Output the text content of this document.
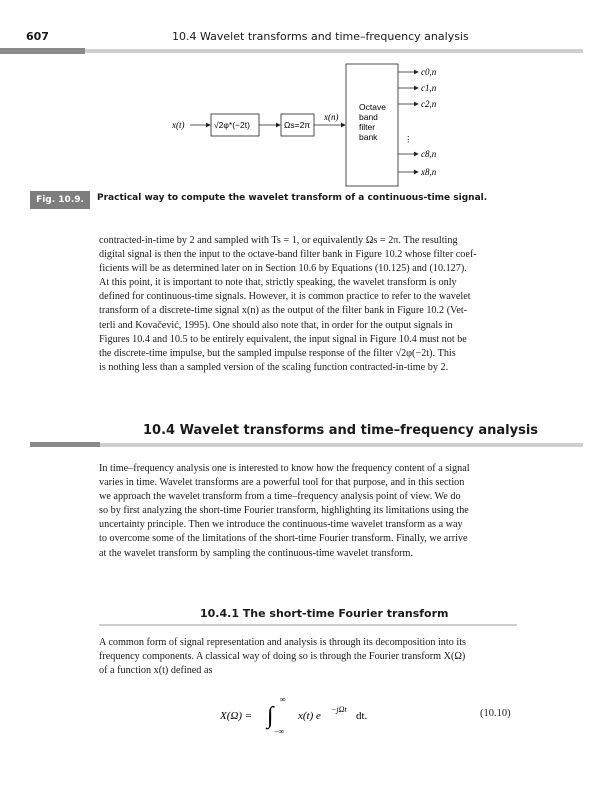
607	10.4 Wavelet transforms and time–frequency analysis
x(t)	√2φ*(−2t)	Ωs=2π
x(n)
Octave
band
filter
bank
c0,n
c1,n
c2,n
⋮
c8,n
x8,n
Fig. 10.9.	Practical way to compute the wavelet transform of a continuous-time signal.
contracted-in-time by 2 and sampled with Ts = 1, or equivalently Ωs = 2π. The resulting
digital signal is then the input to the octave-band filter bank in Figure 10.2 whose filter coef-
ficients will be as determined later on in Section 10.6 by Equations (10.125) and (10.127).
At this point, it is important to note that, strictly speaking, the wavelet transform is only
defined for continuous-time signals. However, it is common practice to refer to the wavelet
transform of a discrete-time signal x(n) as the output of the filter bank in Figure 10.2 (Vet-
terli and Kovačević, 1995). One should also note that, in order for the output signals in
Figures 10.4 and 10.5 to be entirely equivalent, the input signal in Figure 10.4 must not be
the discrete-time impulse, but the sampled impulse response of the filter √2φ(−2t). This
is nothing less than a sampled version of the scaling function contracted-in-time by 2.
10.4 Wavelet transforms and time–frequency analysis
In time–frequency analysis one is interested to know how the frequency content of a signal
varies in time. Wavelet transforms are a powerful tool for that purpose, and in this section
we approach the wavelet transform from a time–frequency analysis point of view. We do
so by first analyzing the short-time Fourier transform, highlighting its limitations using the
uncertainty principle. Then we introduce the continuous-time wavelet transform as a way
to overcome some of the limitations of the short-time Fourier transform. Finally, we arrive
at the wavelet transform by sampling the continuous-time wavelet transform.
10.4.1 The short-time Fourier transform
A common form of signal representation and analysis is through its decomposition into its
frequency components. A classical way of doing so is through the Fourier transform X(Ω)
of a function x(t) defined as
X(Ω) = ∫
∞
−∞
x(t) e
−jΩt
dt.	(10.10)
